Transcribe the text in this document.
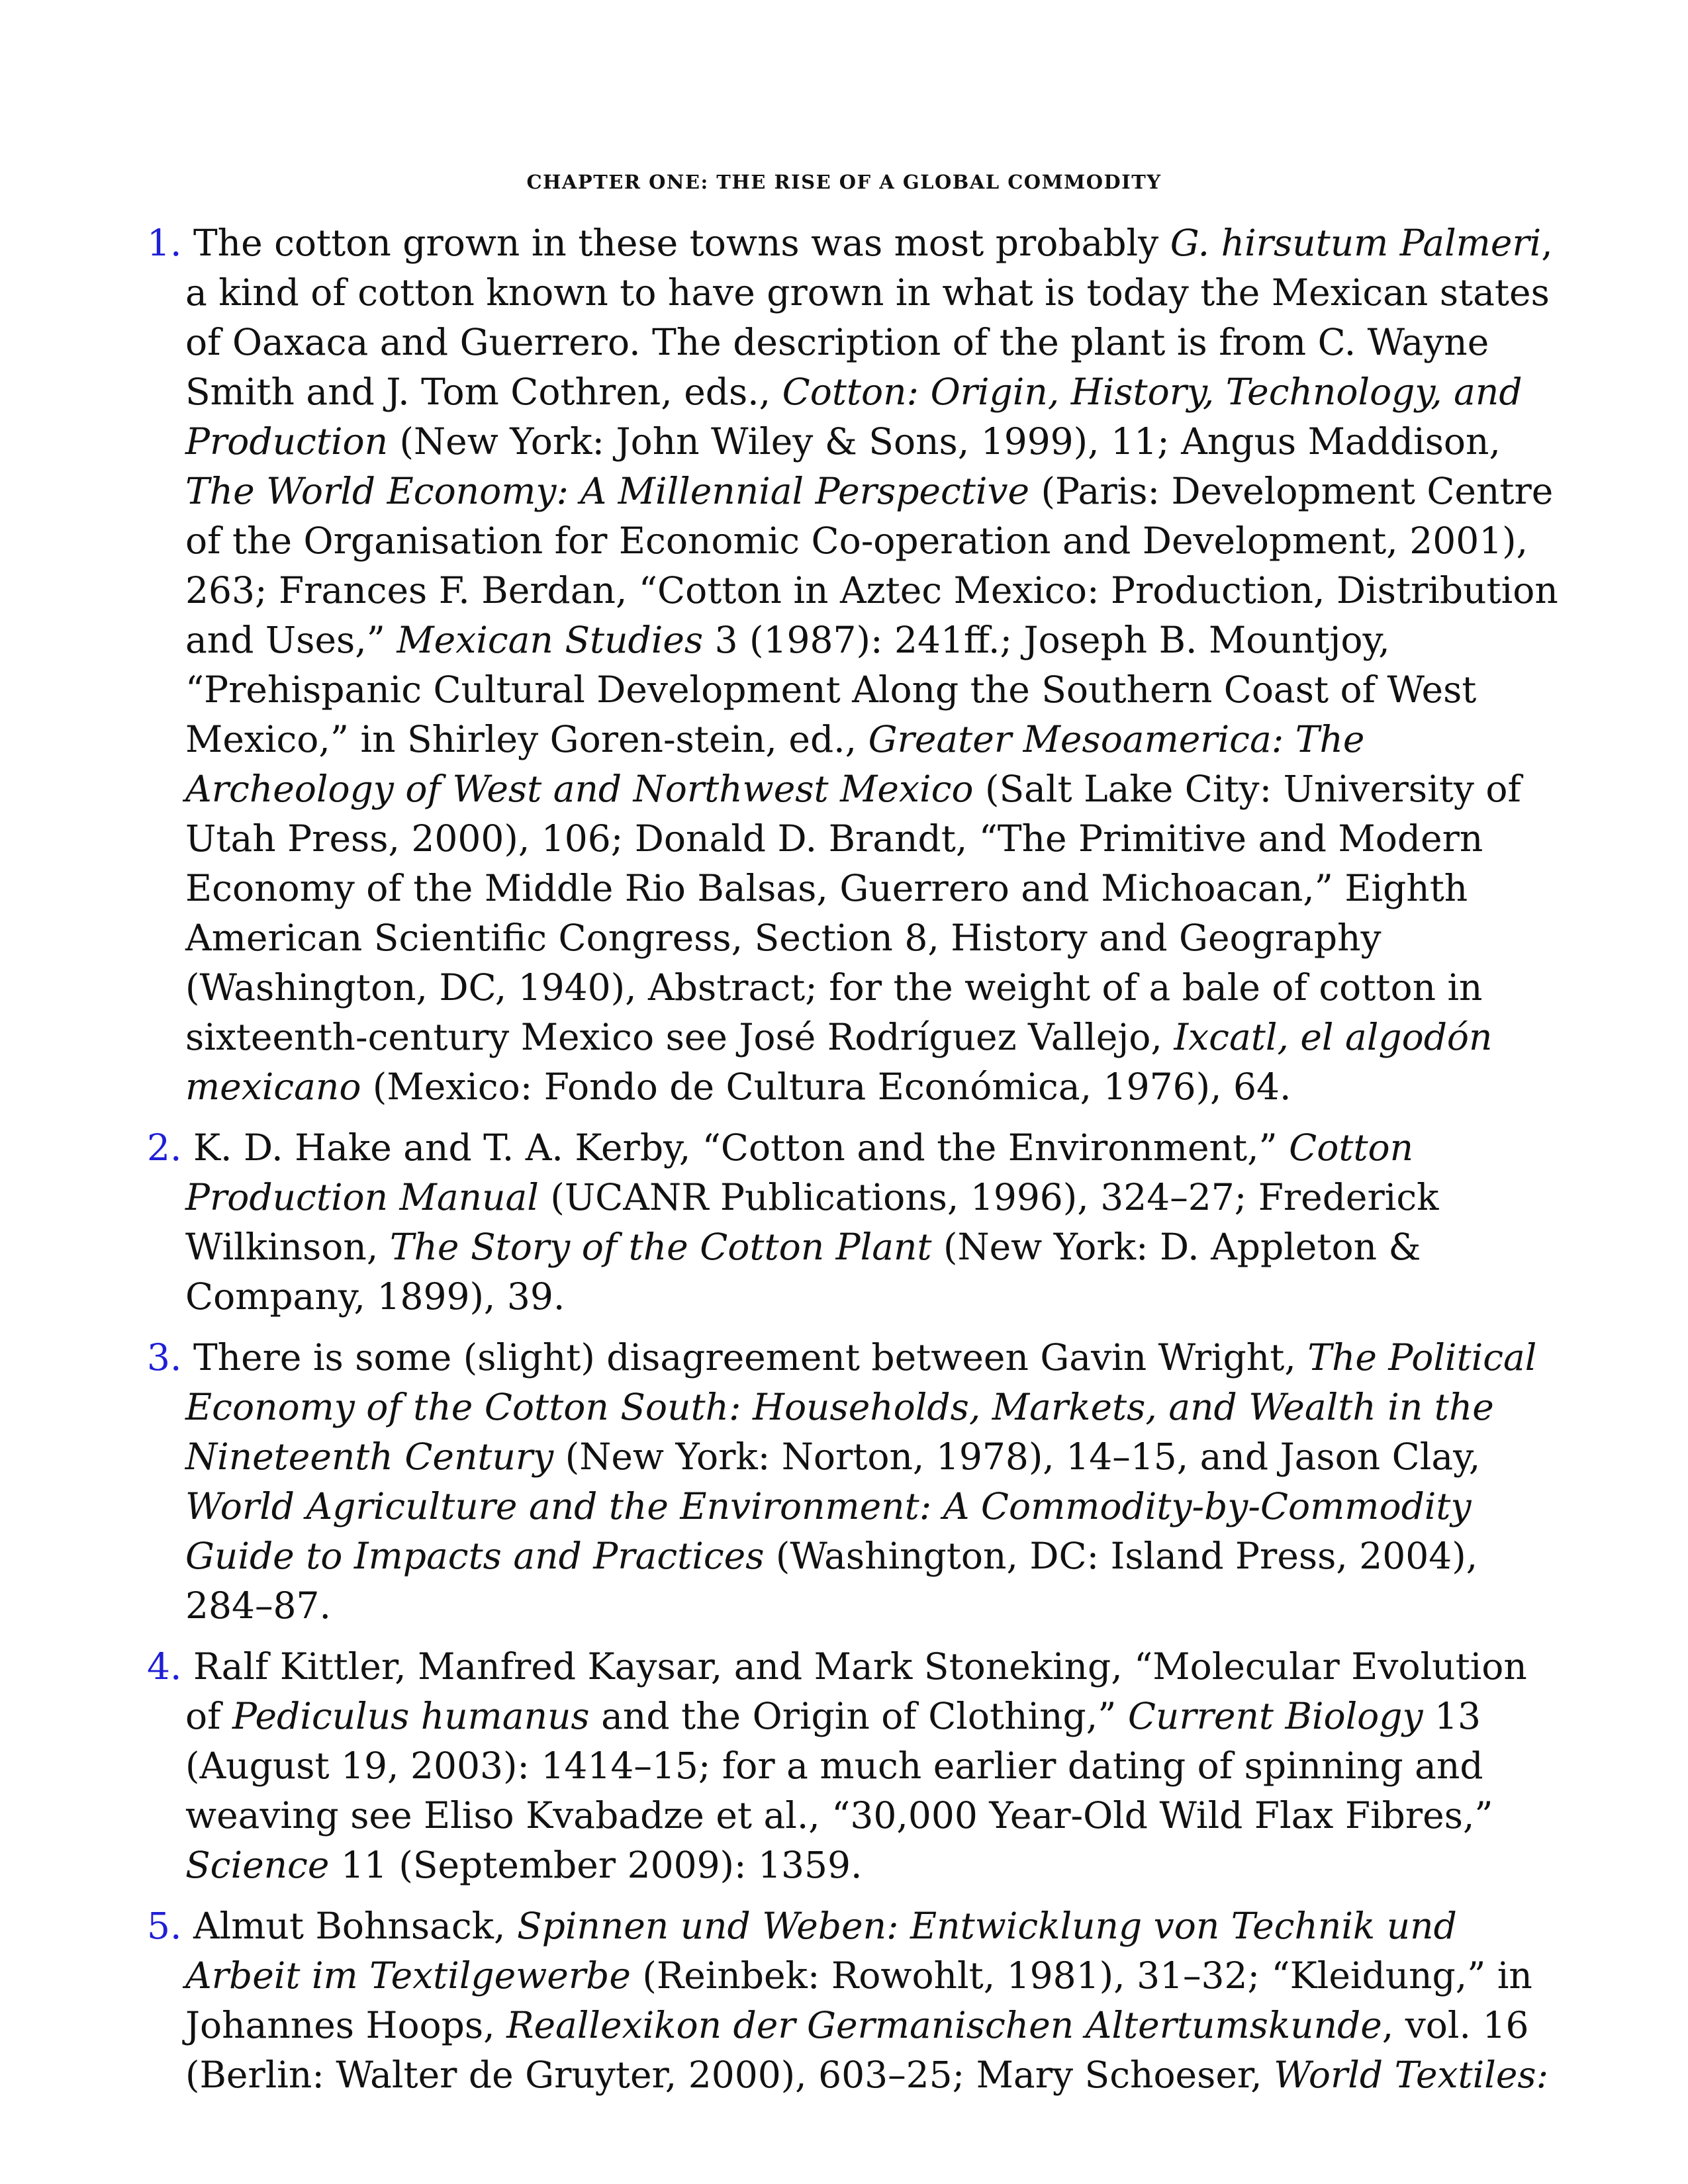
CHAPTER ONE: THE RISE OF A GLOBAL COMMODITY
1. The cotton grown in these towns was most probably G. hirsutum Palmeri, a kind of cotton known to have grown in what is today the Mexican states of Oaxaca and Guerrero. The description of the plant is from C. Wayne Smith and J. Tom Cothren, eds., Cotton: Origin, History, Technology, and Production (New York: John Wiley & Sons, 1999), 11; Angus Maddison, The World Economy: A Millennial Perspective (Paris: Development Centre of the Organisation for Economic Co-operation and Development, 2001), 263; Frances F. Berdan, “Cotton in Aztec Mexico: Production, Distribution and Uses,” Mexican Studies 3 (1987): 241ff.; Joseph B. Mountjoy, “Prehispanic Cultural Development Along the Southern Coast of West Mexico,” in Shirley Goren-stein, ed., Greater Mesoamerica: The Archeology of West and Northwest Mexico (Salt Lake City: University of Utah Press, 2000), 106; Donald D. Brandt, “The Primitive and Modern Economy of the Middle Rio Balsas, Guerrero and Michoacan,” Eighth American Scientific Congress, Section 8, History and Geography (Washington, DC, 1940), Abstract; for the weight of a bale of cotton in sixteenth-century Mexico see José Rodríguez Vallejo, Ixcatl, el algodón mexicano (Mexico: Fondo de Cultura Económica, 1976), 64.
2. K. D. Hake and T. A. Kerby, “Cotton and the Environment,” Cotton Production Manual (UCANR Publications, 1996), 324–27; Frederick Wilkinson, The Story of the Cotton Plant (New York: D. Appleton & Company, 1899), 39.
3. There is some (slight) disagreement between Gavin Wright, The Political Economy of the Cotton South: Households, Markets, and Wealth in the Nineteenth Century (New York: Norton, 1978), 14–15, and Jason Clay, World Agriculture and the Environment: A Commodity-by-Commodity Guide to Impacts and Practices (Washington, DC: Island Press, 2004), 284–87.
4. Ralf Kittler, Manfred Kaysar, and Mark Stoneking, “Molecular Evolution of Pediculus humanus and the Origin of Clothing,” Current Biology 13 (August 19, 2003): 1414–15; for a much earlier dating of spinning and weaving see Eliso Kvabadze et al., “30,000 Year-Old Wild Flax Fibres,” Science 11 (September 2009): 1359.
5. Almut Bohnsack, Spinnen und Weben: Entwicklung von Technik und Arbeit im Textilgewerbe (Reinbek: Rowohlt, 1981), 31–32; “Kleidung,” in Johannes Hoops, Reallexikon der Germanischen Altertumskunde, vol. 16 (Berlin: Walter de Gruyter, 2000), 603–25; Mary Schoeser, World Textiles:
